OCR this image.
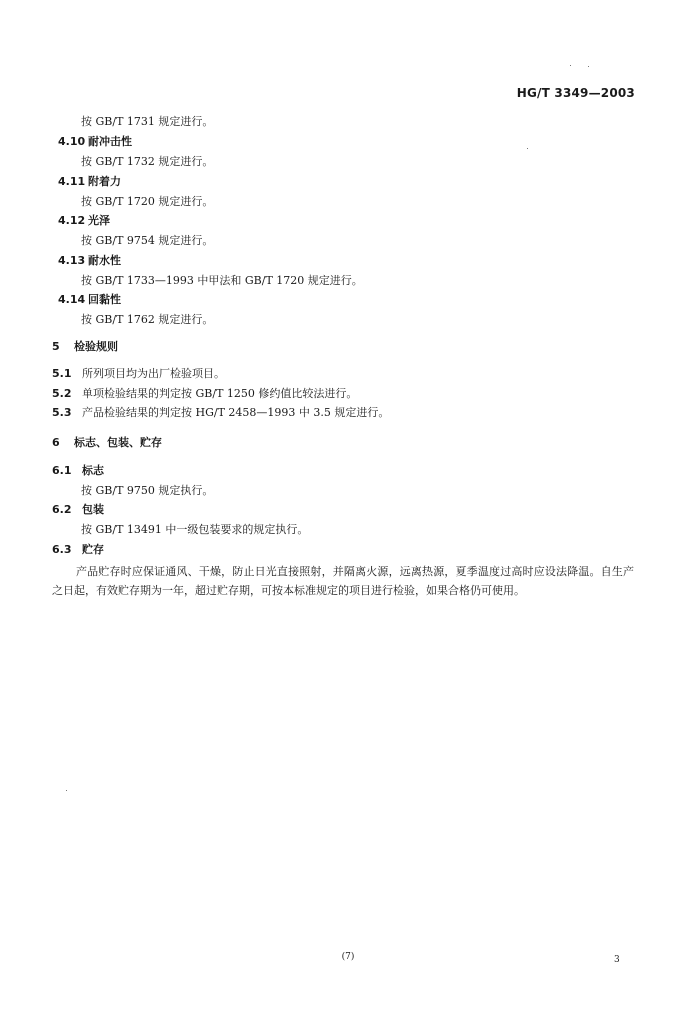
HG/T 3349—2003
按 GB/T 1731 规定进行。
4.10 耐冲击性
按 GB/T 1732 规定进行。
4.11 附着力
按 GB/T 1720 规定进行。
4.12 光泽
按 GB/T 9754 规定进行。
4.13 耐水性
按 GB/T 1733—1993 中甲法和 GB/T 1720 规定进行。
4.14 回黏性
按 GB/T 1762 规定进行。
5 检验规则
5.1 所列项目均为出厂检验项目。
5.2 单项检验结果的判定按 GB/T 1250 修约值比较法进行。
5.3 产品检验结果的判定按 HG/T 2458—1993 中 3.5 规定进行。
6 标志、包装、贮存
6.1 标志
按 GB/T 9750 规定执行。
6.2 包装
按 GB/T 13491 中一级包装要求的规定执行。
6.3 贮存
产品贮存时应保证通风、干燥，防止日光直接照射，并隔离火源，远离热源，夏季温度过高时应设法降温。自生产之日起，有效贮存期为一年，超过贮存期，可按本标准规定的项目进行检验，如果合格仍可使用。
(7)	3
